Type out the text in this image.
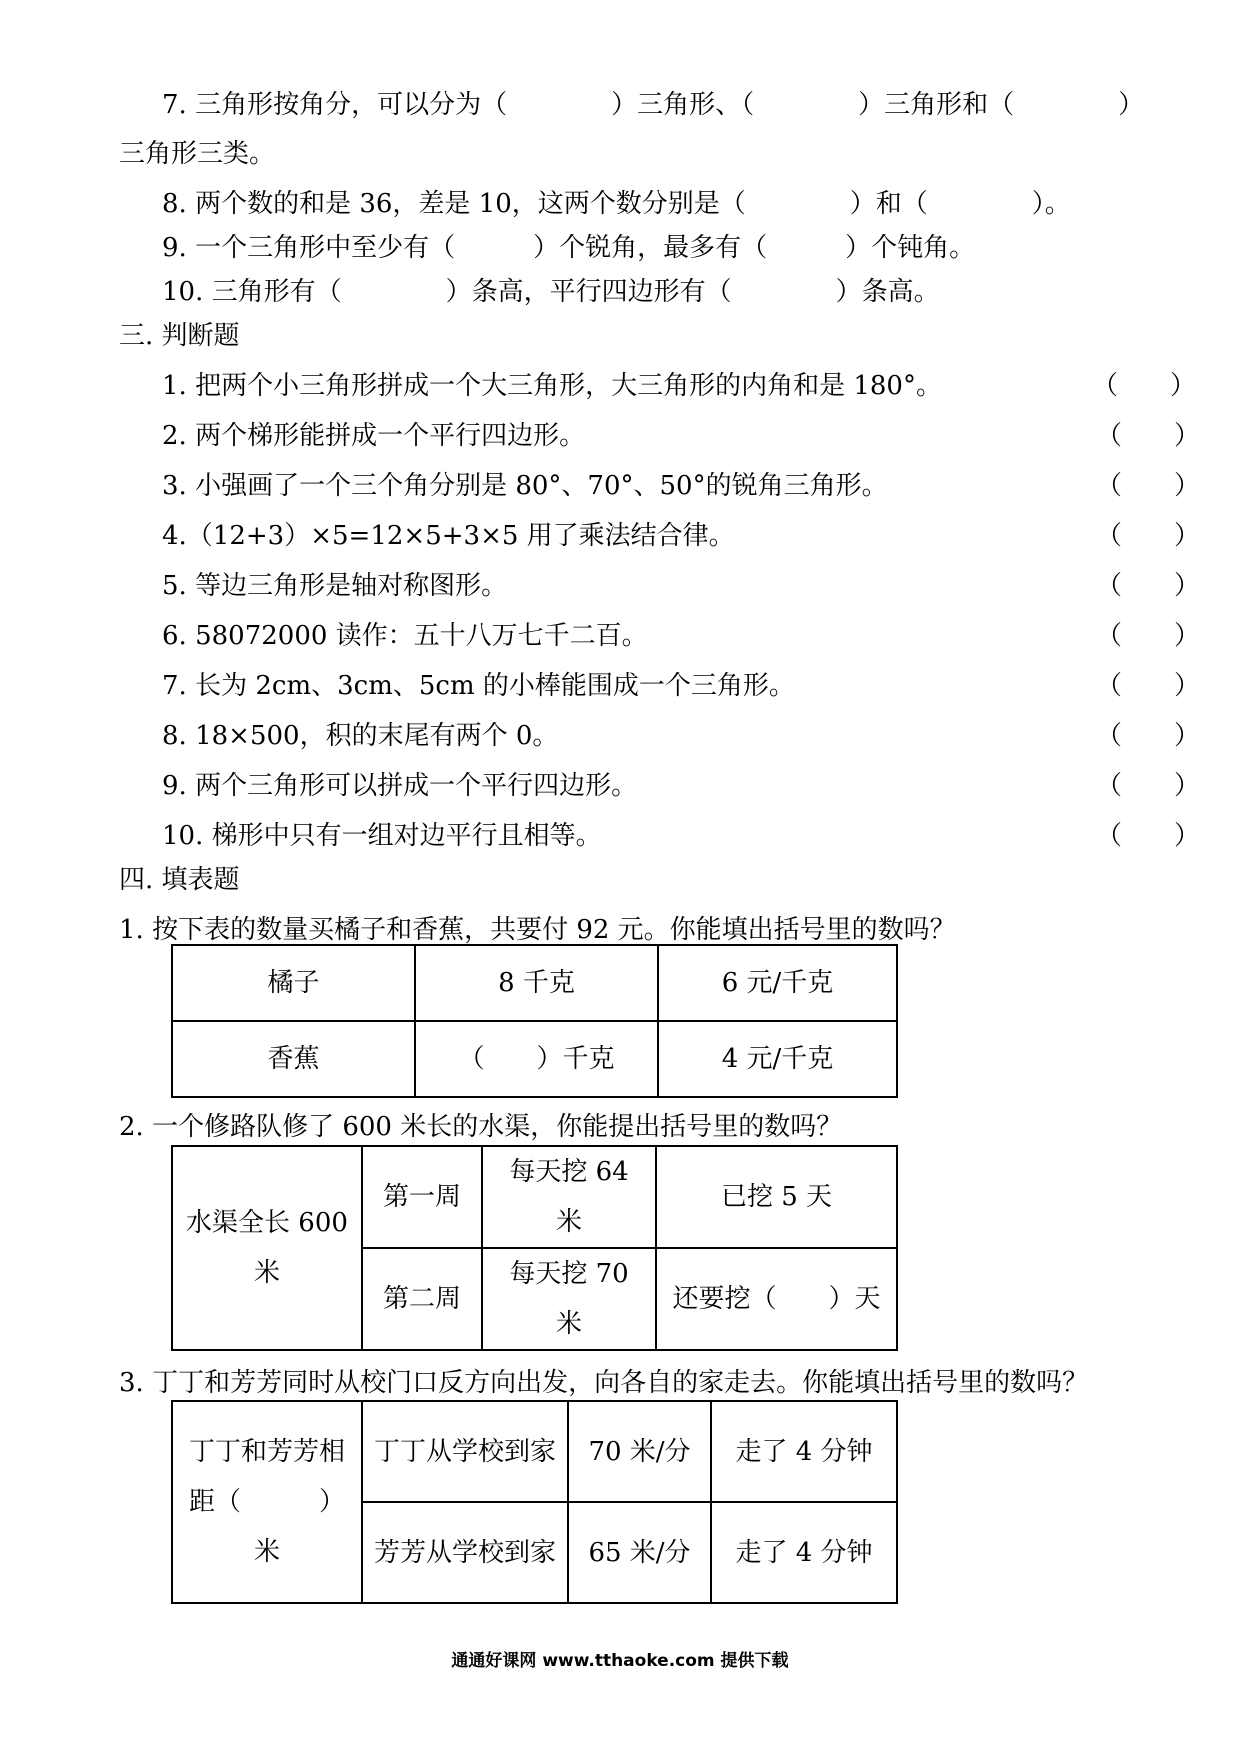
7. 三角形按角分，可以分为（　　　　）三角形、（　　　　）三角形和（　　　　）
三角形三类。
8. 两个数的和是 36，差是 10，这两个数分别是（　　　　）和（　　　　）。
9. 一个三角形中至少有（　　　）个锐角，最多有（　　　）个钝角。
10. 三角形有（　　　　）条高，平行四边形有（　　　　）条高。
三. 判断题
1. 把两个小三角形拼成一个大三角形，大三角形的内角和是 180°。	（　　）
2. 两个梯形能拼成一个平行四边形。	（　　）
3. 小强画了一个三个角分别是 80°、70°、50°的锐角三角形。	（　　）
4.（12+3）×5=12×5+3×5 用了乘法结合律。	（　　）
5. 等边三角形是轴对称图形。	（　　）
6. 58072000 读作：五十八万七千二百。	（　　）
7. 长为 2cm、3cm、5cm 的小棒能围成一个三角形。	（　　）
8. 18×500，积的末尾有两个 0。	（　　）
9. 两个三角形可以拼成一个平行四边形。	（　　）
10. 梯形中只有一组对边平行且相等。	（　　）
四. 填表题
1. 按下表的数量买橘子和香蕉，共要付 92 元。你能填出括号里的数吗？
橘子	8 千克	6 元/千克
香蕉	（　　）千克	4 元/千克
2. 一个修路队修了 600 米长的水渠，你能提出括号里的数吗？
水渠全长 600 米	第一周	每天挖 64 米	已挖 5 天
	第二周	每天挖 70 米	还要挖（　　）天
3. 丁丁和芳芳同时从校门口反方向出发，向各自的家走去。你能填出括号里的数吗？
丁丁和芳芳相距（　　　）米	丁丁从学校到家	70 米/分	走了 4 分钟
	芳芳从学校到家	65 米/分	走了 4 分钟
通通好课网 www.tthaoke.com 提供下载
